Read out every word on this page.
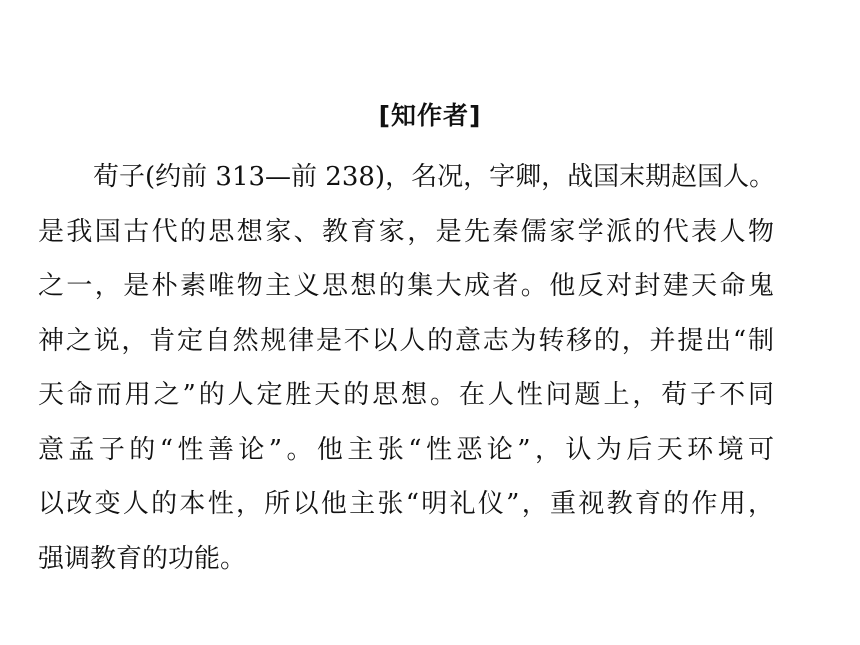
[知作者]
荀子(约前 313—前 238)，名况，字卿，战国末期赵国人。
是我国古代的思想家、教育家，是先秦儒家学派的代表人物
之一，是朴素唯物主义思想的集大成者。他反对封建天命鬼
神之说，肯定自然规律是不以人的意志为转移的，并提出“制
天命而用之”的人定胜天的思想。在人性问题上，荀子不同
意孟子的“性善论”。他主张“性恶论”，认为后天环境可
以改变人的本性，所以他主张“明礼仪”，重视教育的作用，
强调教育的功能。
